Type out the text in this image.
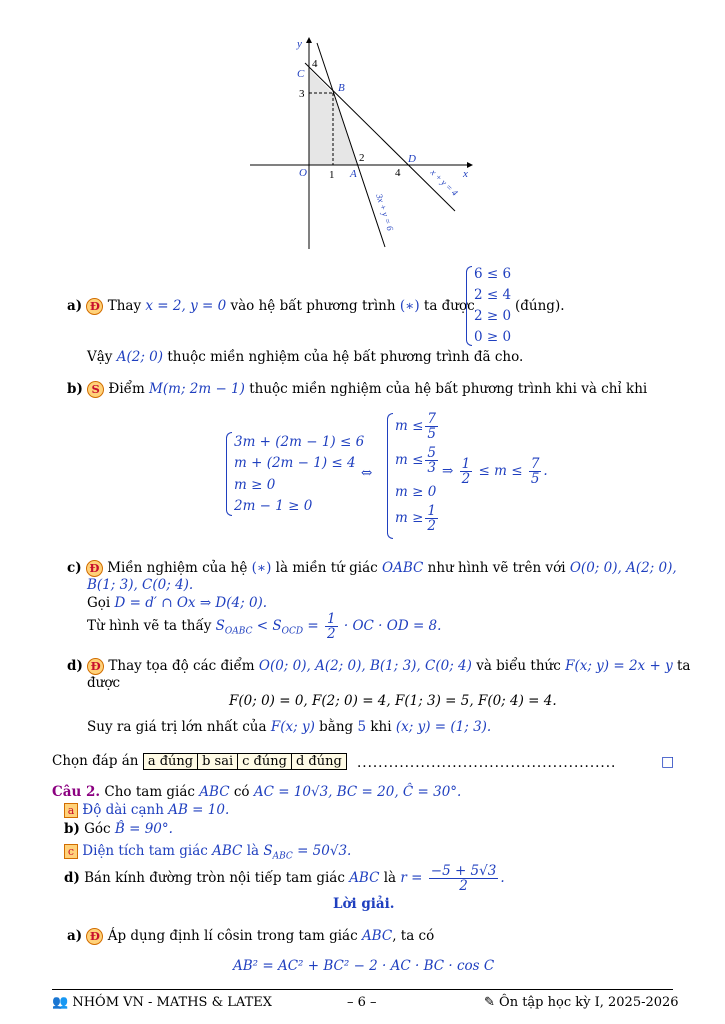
y
x
O
C
B
A
D
x + y = 4
3x + y = 6
4
3
1
2
4
a) Đ Thay x = 2, y = 0 vào hệ bất phương trình (∗) ta được
6 ≤ 6
2 ≤ 4
2 ≥ 0
0 ≥ 0
(đúng).
Vậy A(2; 0) thuộc miền nghiệm của hệ bất phương trình đã cho.
b) S Điểm M(m; 2m − 1) thuộc miền nghiệm của hệ bất phương trình khi và chỉ khi
3m + (2m − 1) ≤ 6
m + (2m − 1) ≤ 4
m ≥ 0
2m − 1 ≥ 0
⇔
$m \le \frac{7}{5}$
$m \le \frac{5}{3}$
m ≥ 0
$m \ge \frac{1}{2}$
⇒ $\frac{1}{2} \le m \le \frac{7}{5}$ .
c) Đ Miền nghiệm của hệ (∗) là miền tứ giác OABC như hình vẽ trên với O(0; 0), A(2; 0),
B(1; 3), C(0; 4).
Gọi D = d′ ∩ Ox ⇒ D(4; 0).
Từ hình vẽ ta thấy $S_{OABC} < S_{OCD} = \frac{1}{2}$ · OC · OD = 8.
d) Đ Thay tọa độ các điểm O(0; 0), A(2; 0), B(1; 3), C(0; 4) và biểu thức F(x; y) = 2x + y ta
được
F(0; 0) = 0, F(2; 0) = 4, F(1; 3) = 5, F(0; 4) = 4.
Suy ra giá trị lớn nhất của F(x; y) bằng 5 khi (x; y) = (1; 3).
Chọn đáp án a đúng	b sai	c đúng	d đúng .................................................	□
Câu 2. Cho tam giác ABC có AC = 10√3, BC = 20, Ĉ = 30°.
a Độ dài cạnh AB = 10.
b) Góc B̂ = 90°.
c Diện tích tam giác ABC là $S_{ABC} = 50√3$.
d) Bán kính đường tròn nội tiếp tam giác ABC là $r = \frac{-5 + 5√3}{2}$ .
Lời giải.
a) Đ Áp dụng định lí côsin trong tam giác ABC, ta có
AB² = AC² + BC² − 2 · AC · BC · cos C
👥 NHÓM VN - MATHS & LATEX	– 6 –	✎ Ôn tập học kỳ I, 2025-2026
